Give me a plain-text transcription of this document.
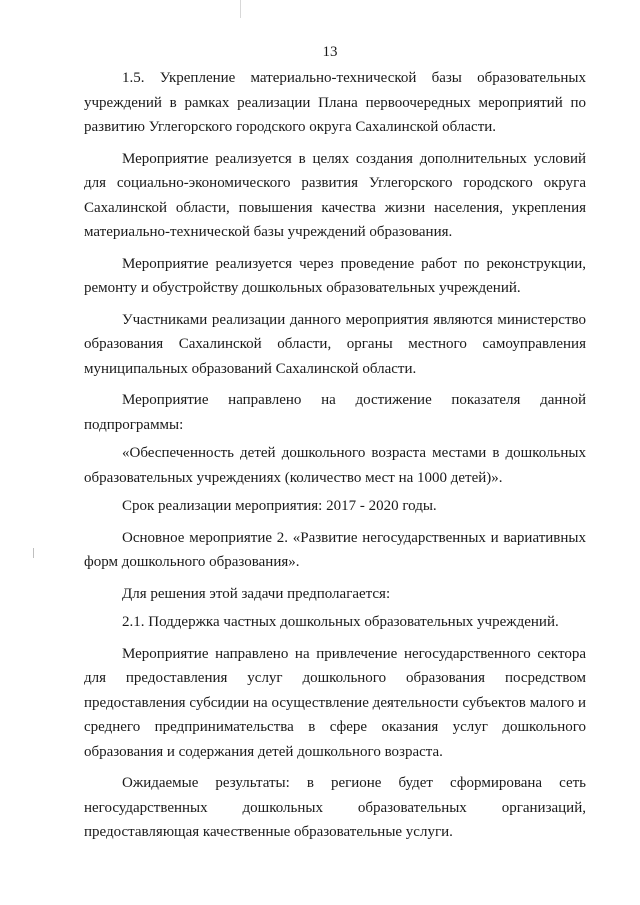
13

1.5. Укрепление материально-технической базы образовательных учреждений в рамках реализации Плана первоочередных мероприятий по развитию Углегорского городского округа Сахалинской области.

Мероприятие реализуется в целях создания дополнительных условий для социально-экономического развития Углегорского городского округа Сахалинской области, повышения качества жизни населения, укрепления материально-технической базы учреждений образования.

Мероприятие реализуется через проведение работ по реконструкции, ремонту и обустройству дошкольных образовательных учреждений.

Участниками реализации данного мероприятия являются министерство образования Сахалинской области, органы местного самоуправления муниципальных образований Сахалинской области.

Мероприятие направлено на достижение показателя данной подпрограммы:

«Обеспеченность детей дошкольного возраста местами в дошкольных образовательных учреждениях (количество мест на 1000 детей)».

Срок реализации мероприятия: 2017 - 2020 годы.

Основное мероприятие 2. «Развитие негосударственных и вариативных форм дошкольного образования».

Для решения этой задачи предполагается:

2.1. Поддержка частных дошкольных образовательных учреждений.

Мероприятие направлено на привлечение негосударственного сектора для предоставления услуг дошкольного образования посредством предоставления субсидии на осуществление деятельности субъектов малого и среднего предпринимательства в сфере оказания услуг дошкольного образования и содержания детей дошкольного возраста.

Ожидаемые результаты: в регионе будет сформирована сеть негосударственных дошкольных образовательных организаций, предоставляющая качественные образовательные услуги.
